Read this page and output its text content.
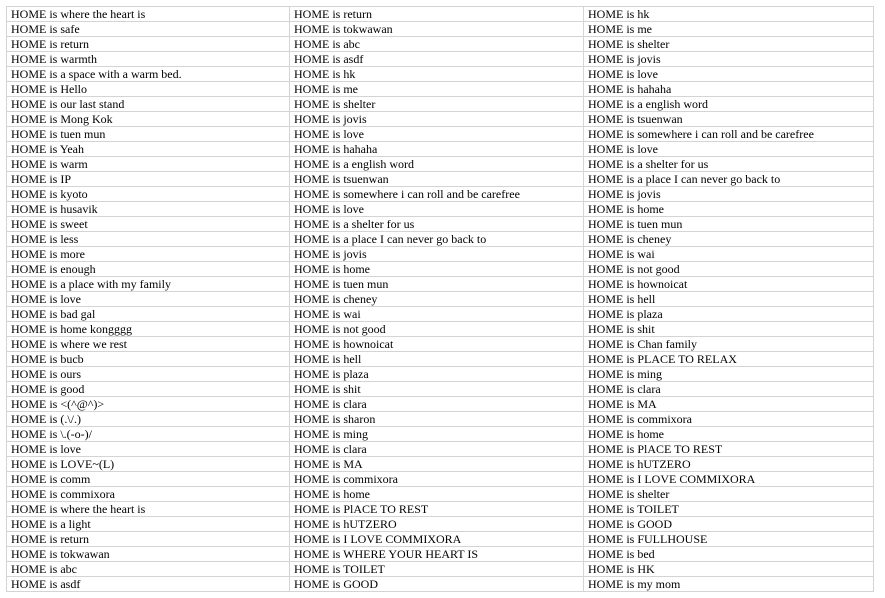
HOME is where the heart is	HOME is return	HOME is hk
HOME is safe	HOME is tokwawan	HOME is me
HOME is return	HOME is abc	HOME is shelter
HOME is warmth	HOME is asdf	HOME is jovis
HOME is a space with a warm bed.	HOME is hk	HOME is love
HOME is Hello	HOME is me	HOME is hahaha
HOME is our last stand	HOME is shelter	HOME is a english word
HOME is Mong Kok	HOME is jovis	HOME is tsuenwan
HOME is tuen mun	HOME is love	HOME is somewhere i can roll and be carefree
HOME is Yeah	HOME is hahaha	HOME is love
HOME is warm	HOME is a english word	HOME is a shelter for us
HOME is IP	HOME is tsuenwan	HOME is a place I can never go back to
HOME is kyoto	HOME is somewhere i can roll and be carefree	HOME is jovis
HOME is husavik	HOME is love	HOME is home
HOME is sweet	HOME is a shelter for us	HOME is tuen mun
HOME is less	HOME is a place I can never go back to	HOME is cheney
HOME is more	HOME is jovis	HOME is wai
HOME is enough	HOME is home	HOME is not good
HOME is a place with my family	HOME is tuen mun	HOME is hownoicat
HOME is love	HOME is cheney	HOME is hell
HOME is bad gal	HOME is wai	HOME is plaza
HOME is home kongggg	HOME is not good	HOME is shit
HOME is where we rest	HOME is hownoicat	HOME is Chan family
HOME is bucb	HOME is hell	HOME is PLACE TO RELAX
HOME is ours	HOME is plaza	HOME is ming
HOME is good	HOME is shit	HOME is clara
HOME is <(^@^)>	HOME is clara	HOME is MA
HOME is (.\/.)	HOME is sharon	HOME is commixora
HOME is \.(-o-)/	HOME is ming	HOME is home
HOME is love	HOME is clara	HOME is PlACE TO REST
HOME is LOVE~(L)	HOME is MA	HOME is hUTZERO
HOME is comm	HOME is commixora	HOME is I LOVE COMMIXORA
HOME is commixora	HOME is home	HOME is shelter
HOME is where the heart is	HOME is PlACE TO REST	HOME is TOILET
HOME is a light	HOME is hUTZERO	HOME is GOOD
HOME is return	HOME is I LOVE COMMIXORA	HOME is FULLHOUSE
HOME is tokwawan	HOME is WHERE YOUR HEART IS	HOME is bed
HOME is abc	HOME is TOILET	HOME is HK
HOME is asdf	HOME is GOOD	HOME is my mom
